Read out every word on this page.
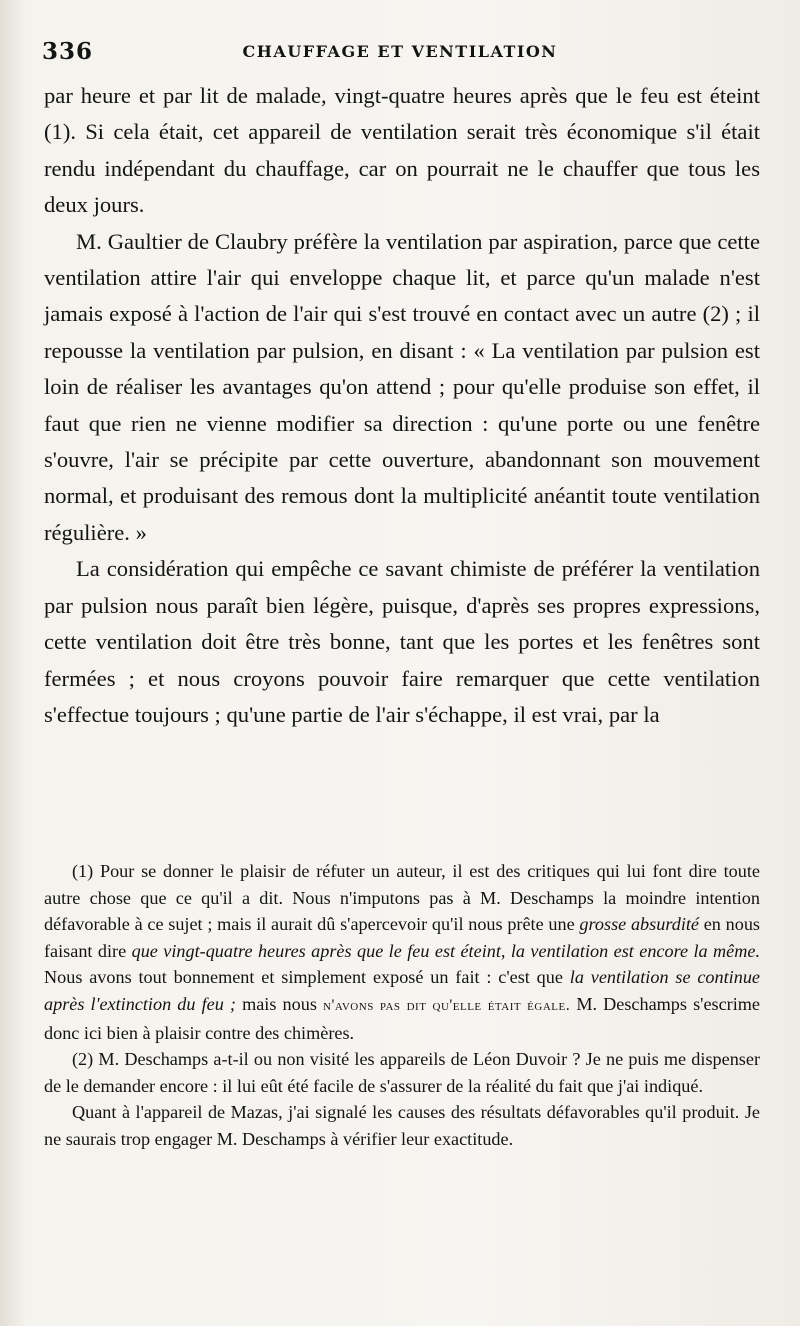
336	CHAUFFAGE ET VENTILATION

par heure et par lit de malade, vingt-quatre heures après que le feu est éteint (1). Si cela était, cet appareil de ventilation serait très économique s'il était rendu indépendant du chauffage, car on pourrait ne le chauffer que tous les deux jours.

M. Gaultier de Claubry préfère la ventilation par aspiration, parce que cette ventilation attire l'air qui enveloppe chaque lit, et parce qu'un malade n'est jamais exposé à l'action de l'air qui s'est trouvé en contact avec un autre (2) ; il repousse la ventilation par pulsion, en disant : « La ventilation par pulsion est loin de réaliser les avantages qu'on attend ; pour qu'elle produise son effet, il faut que rien ne vienne modifier sa direction : qu'une porte ou une fenêtre s'ouvre, l'air se précipite par cette ouverture, abandonnant son mouvement normal, et produisant des remous dont la multiplicité anéantit toute ventilation régulière. »

La considération qui empêche ce savant chimiste de préférer la ventilation par pulsion nous paraît bien légère, puisque, d'après ses propres expressions, cette ventilation doit être très bonne, tant que les portes et les fenêtres sont fermées ; et nous croyons pouvoir faire remarquer que cette ventilation s'effectue toujours ; qu'une partie de l'air s'échappe, il est vrai, par la

(1) Pour se donner le plaisir de réfuter un auteur, il est des critiques qui lui font dire toute autre chose que ce qu'il a dit. Nous n'imputons pas à M. Deschamps la moindre intention défavorable à ce sujet ; mais il aurait dû s'apercevoir qu'il nous prête une grosse absurdité en nous faisant dire que vingt-quatre heures après que le feu est éteint, la ventilation est encore la même. Nous avons tout bonnement et simplement exposé un fait : c'est que la ventilation se continue après l'extinction du feu ; mais nous n'avons pas dit qu'elle était égale. M. Deschamps s'escrime donc ici bien à plaisir contre des chimères.

(2) M. Deschamps a-t-il ou non visité les appareils de Léon Duvoir ? Je ne puis me dispenser de le demander encore : il lui eût été facile de s'assurer de la réalité du fait que j'ai indiqué.

Quant à l'appareil de Mazas, j'ai signalé les causes des résultats défavorables qu'il produit. Je ne saurais trop engager M. Deschamps à vérifier leur exactitude.
